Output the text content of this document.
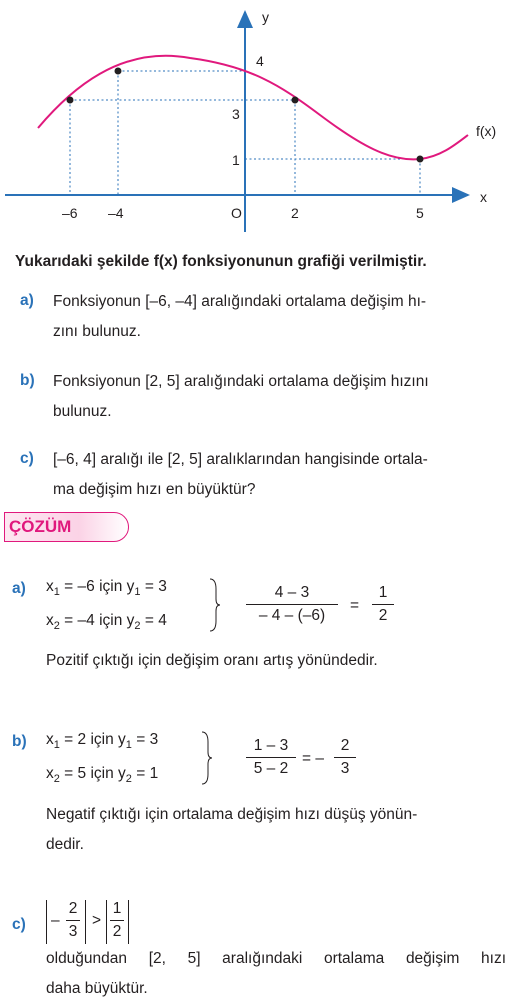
y
x
f(x)
O
–6 –4	2	5
4
3
1
Yukarıdaki şekilde f(x) fonksiyonunun grafiği verilmiştir.
a) Fonksiyonun [–6, –4] aralığındaki ortalama değişim hı-
zını bulunuz.
b) Fonksiyonun [2, 5] aralığındaki ortalama değişim hızını
bulunuz.
c) [–6, 4] aralığı ile [2, 5] aralıklarından hangisinde ortala-
ma değişim hızı en büyüktür?
ÇÖZÜM
a) $x_1 = -6$ için $y_1 = 3$
$x_2 = -4$ için $y_2 = 4$
4 – 3
– 4 – (–6)
=
1
2
Pozitif çıktığı için değişim oranı artış yönündedir.
b) $x_1 = 2$ için $y_1 = 3$
$x_2 = 5$ için $y_2 = 1$
1 – 3
5 – 2
= –
2
3
Negatif çıktığı için ortalama değişim hızı düşüş yönün-
dedir.
c) –
2
3
>
1
2
olduğundan [2, 5] aralığındaki ortalama değişim hızı
daha büyüktür.
